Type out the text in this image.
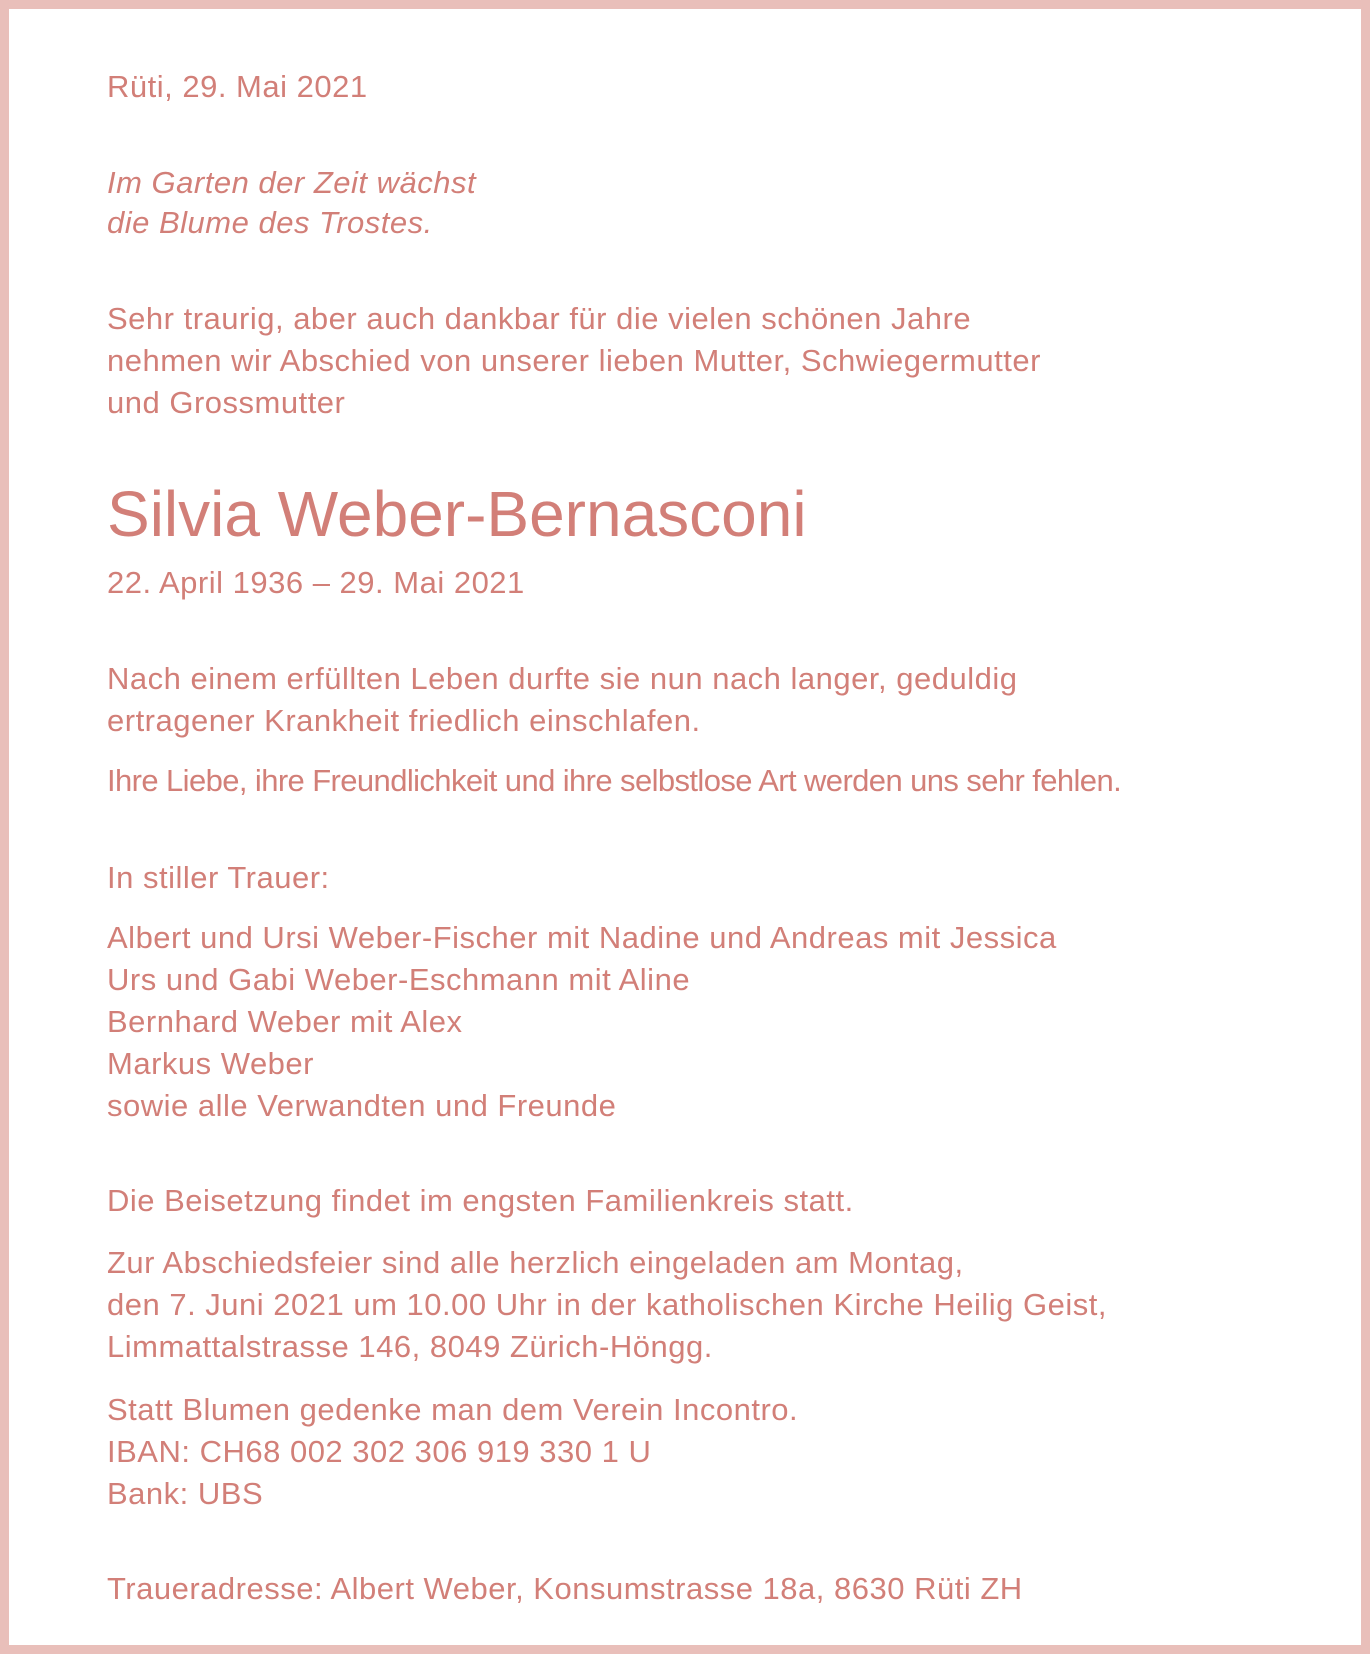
Rüti, 29. Mai 2021
Im Garten der Zeit wächst
die Blume des Trostes.
Sehr traurig, aber auch dankbar für die vielen schönen Jahre
nehmen wir Abschied von unserer lieben Mutter, Schwiegermutter
und Grossmutter
Silvia Weber-Bernasconi
22. April 1936 – 29. Mai 2021
Nach einem erfüllten Leben durfte sie nun nach langer, geduldig
ertragener Krankheit friedlich einschlafen.
Ihre Liebe, ihre Freundlichkeit und ihre selbstlose Art werden uns sehr fehlen.
In stiller Trauer:
Albert und Ursi Weber-Fischer mit Nadine und Andreas mit Jessica
Urs und Gabi Weber-Eschmann mit Aline
Bernhard Weber mit Alex
Markus Weber
sowie alle Verwandten und Freunde
Die Beisetzung findet im engsten Familienkreis statt.
Zur Abschiedsfeier sind alle herzlich eingeladen am Montag,
den 7. Juni 2021 um 10.00 Uhr in der katholischen Kirche Heilig Geist,
Limmattalstrasse 146, 8049 Zürich-Höngg.
Statt Blumen gedenke man dem Verein Incontro.
IBAN: CH68 002 302 306 919 330 1 U
Bank: UBS
Traueradresse: Albert Weber, Konsumstrasse 18a, 8630 Rüti ZH
